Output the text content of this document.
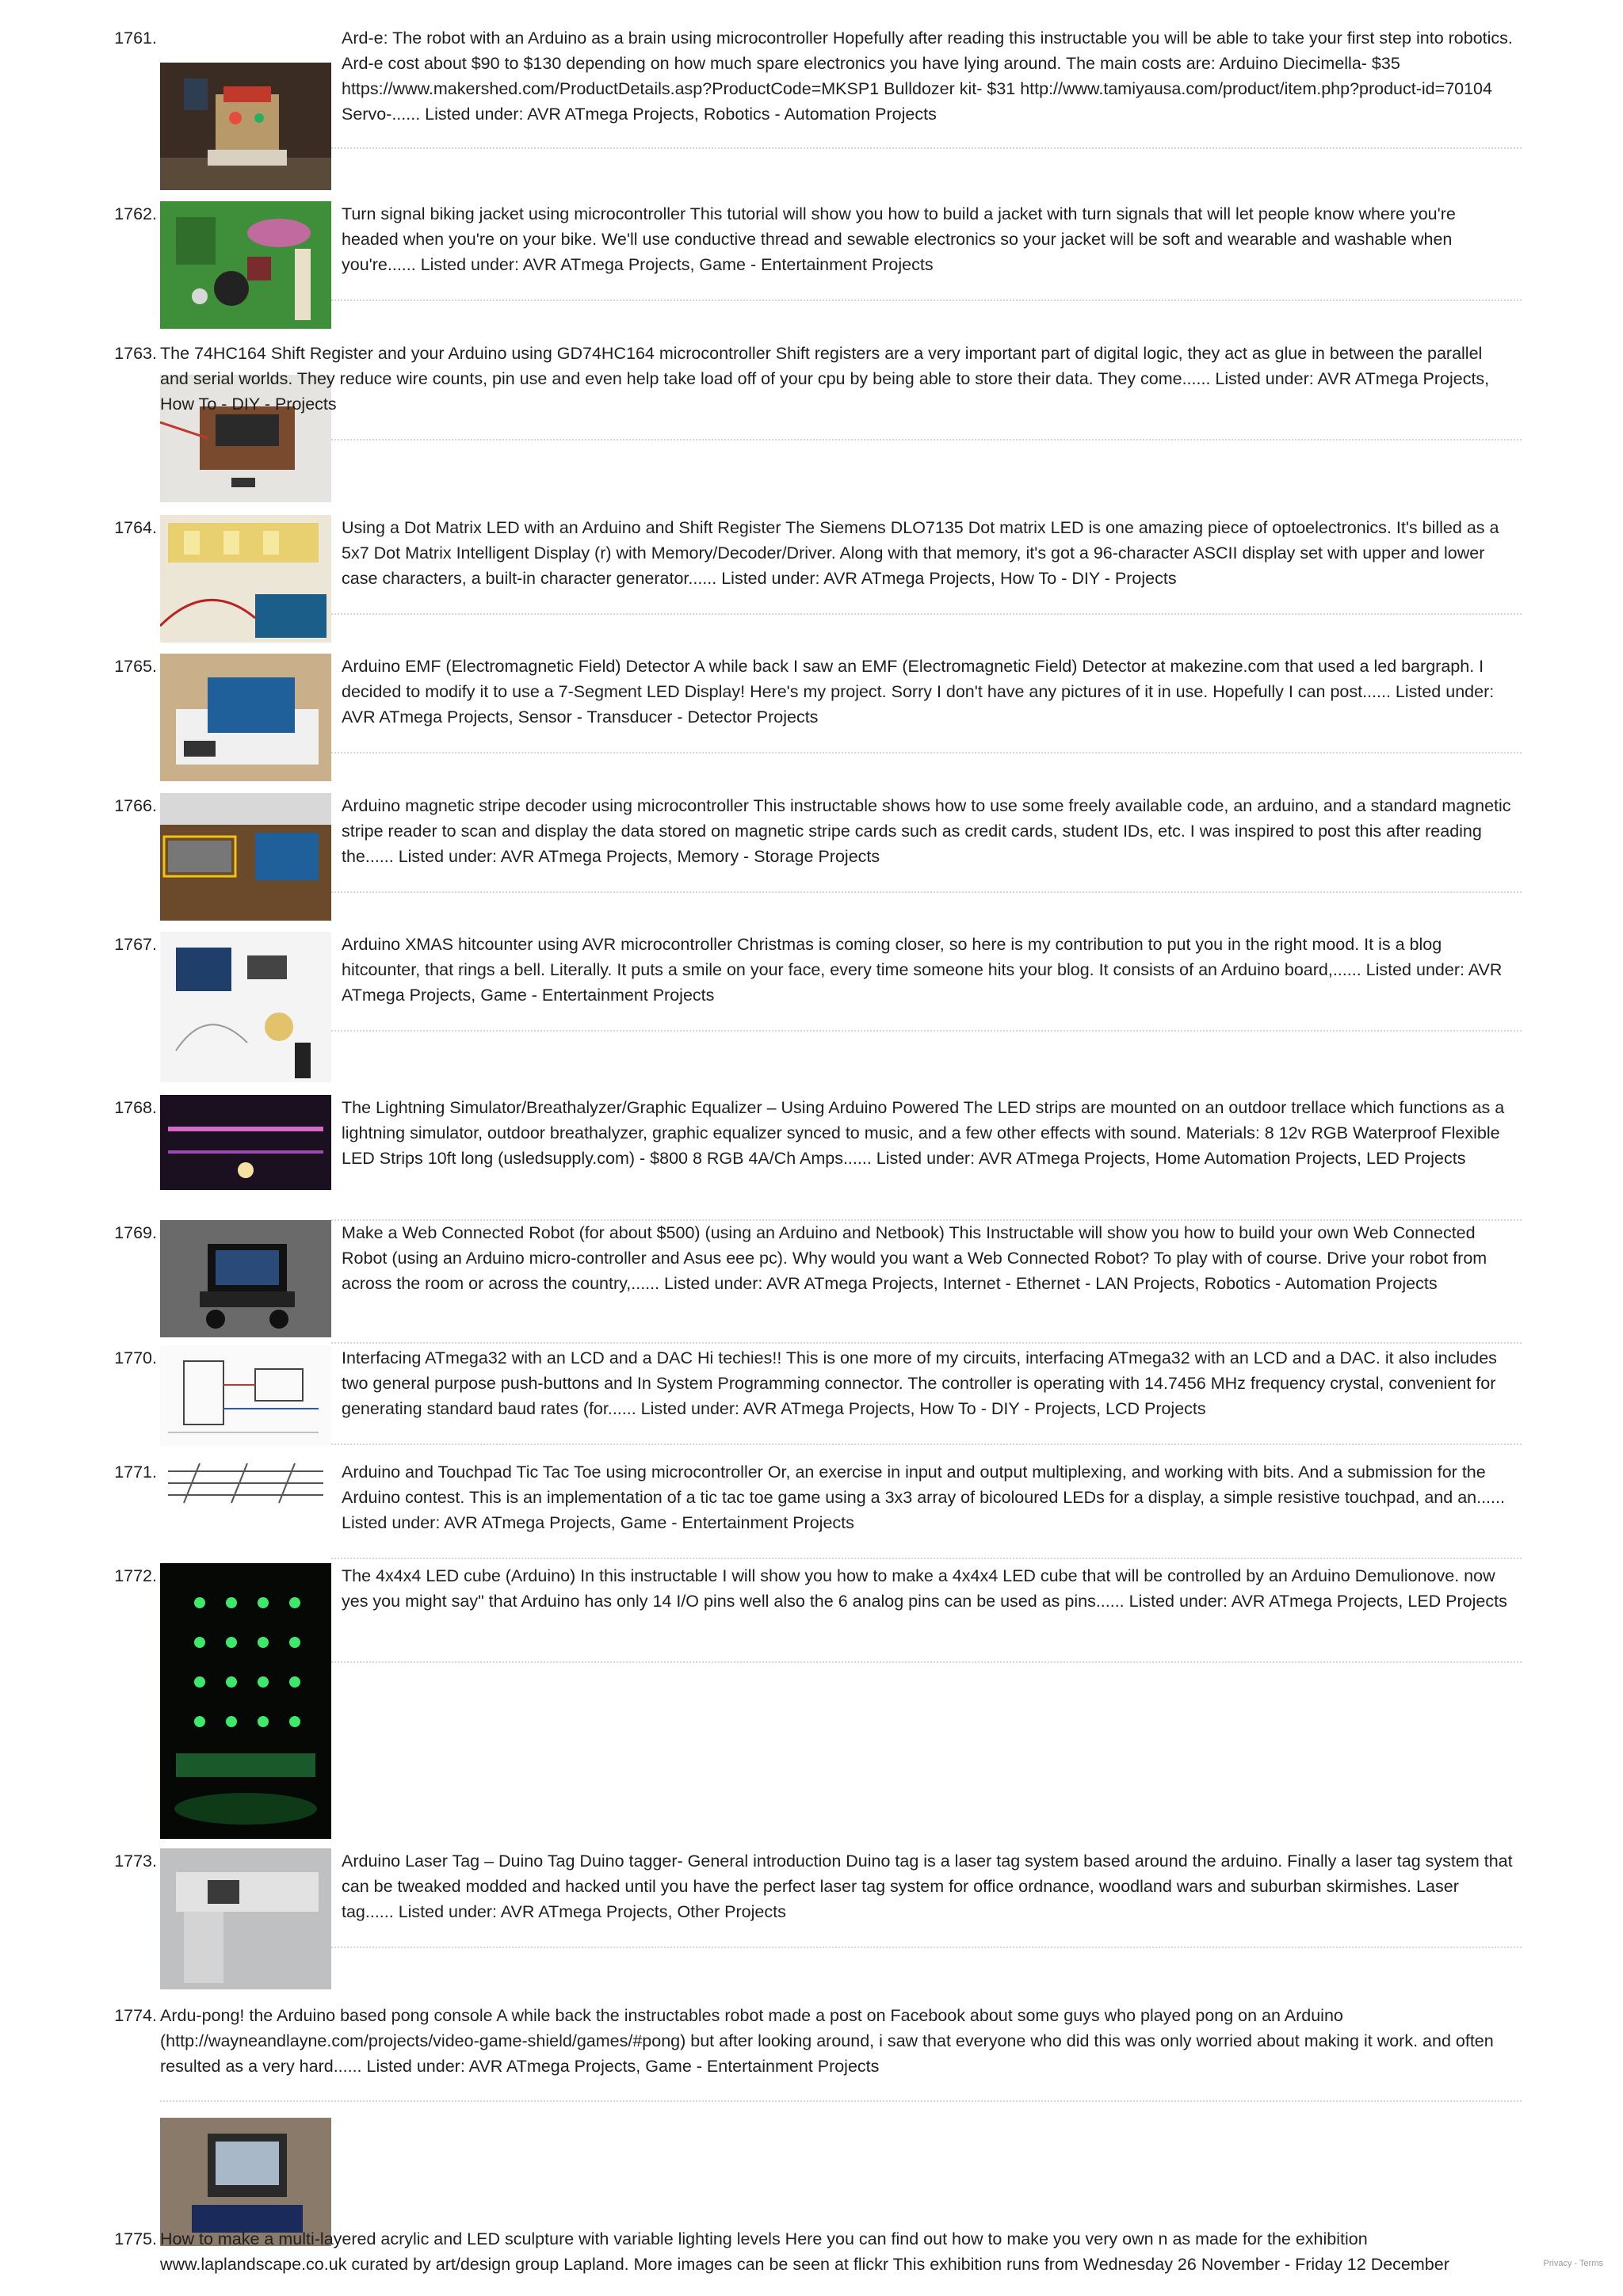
1761.	Ard-e: The robot with an Arduino as a brain using microcontroller Hopefully after reading this instructable you will be able to take your first step into robotics. Ard-e cost about $90 to $130 depending on how much spare electronics you have lying around. The main costs are: Arduino Diecimella- $35 https://www.makershed.com/ProductDetails.asp?ProductCode=MKSP1 Bulldozer kit- $31 http://www.tamiyausa.com/product/item.php?product-id=70104 Servo-...... Listed under: AVR ATmega Projects, Robotics - Automation Projects
1762.	Turn signal biking jacket using microcontroller This tutorial will show you how to build a jacket with turn signals that will let people know where you're headed when you're on your bike. We'll use conductive thread and sewable electronics so your jacket will be soft and wearable and washable when you're...... Listed under: AVR ATmega Projects, Game - Entertainment Projects
1763. The 74HC164 Shift Register and your Arduino using GD74HC164 microcontroller Shift registers are a very important part of digital logic, they act as glue in between the parallel and serial worlds. They reduce wire counts, pin use and even help take load off of your cpu by being able to store their data. They come...... Listed under: AVR ATmega Projects, How To - DIY - Projects
1764.	Using a Dot Matrix LED with an Arduino and Shift Register The Siemens DLO7135 Dot matrix LED is one amazing piece of optoelectronics. It's billed as a 5x7 Dot Matrix Intelligent Display (r) with Memory/Decoder/Driver. Along with that memory, it's got a 96-character ASCII display set with upper and lower case characters, a built-in character generator...... Listed under: AVR ATmega Projects, How To - DIY - Projects
1765.	Arduino EMF (Electromagnetic Field) Detector A while back I saw an EMF (Electromagnetic Field) Detector at makezine.com that used a led bargraph. I decided to modify it to use a 7-Segment LED Display! Here's my project. Sorry I don't have any pictures of it in use. Hopefully I can post...... Listed under: AVR ATmega Projects, Sensor - Transducer - Detector Projects
1766.	Arduino magnetic stripe decoder using microcontroller This instructable shows how to use some freely available code, an arduino, and a standard magnetic stripe reader to scan and display the data stored on magnetic stripe cards such as credit cards, student IDs, etc. I was inspired to post this after reading the...... Listed under: AVR ATmega Projects, Memory - Storage Projects
1767.	Arduino XMAS hitcounter using AVR microcontroller Christmas is coming closer, so here is my contribution to put you in the right mood. It is a blog hitcounter, that rings a bell. Literally. It puts a smile on your face, every time someone hits your blog. It consists of an Arduino board,...... Listed under: AVR ATmega Projects, Game - Entertainment Projects
1768.	The Lightning Simulator/Breathalyzer/Graphic Equalizer – Using Arduino Powered The LED strips are mounted on an outdoor trellace which functions as a lightning simulator, outdoor breathalyzer, graphic equalizer synced to music, and a few other effects with sound. Materials: 8 12v RGB Waterproof Flexible LED Strips 10ft long (usledsupply.com) - $800 8 RGB 4A/Ch Amps...... Listed under: AVR ATmega Projects, Home Automation Projects, LED Projects
1769.	Make a Web Connected Robot (for about $500) (using an Arduino and Netbook) This Instructable will show you how to build your own Web Connected Robot (using an Arduino micro-controller and Asus eee pc). Why would you want a Web Connected Robot? To play with of course. Drive your robot from across the room or across the country,...... Listed under: AVR ATmega Projects, Internet - Ethernet - LAN Projects, Robotics - Automation Projects
1770.	Interfacing ATmega32 with an LCD and a DAC Hi techies!! This is one more of my circuits, interfacing ATmega32 with an LCD and a DAC. it also includes two general purpose push-buttons and In System Programming connector. The controller is operating with 14.7456 MHz frequency crystal, convenient for generating standard baud rates (for...... Listed under: AVR ATmega Projects, How To - DIY - Projects, LCD Projects
1771.	Arduino and Touchpad Tic Tac Toe using microcontroller Or, an exercise in input and output multiplexing, and working with bits. And a submission for the Arduino contest. This is an implementation of a tic tac toe game using a 3x3 array of bicoloured LEDs for a display, a simple resistive touchpad, and an...... Listed under: AVR ATmega Projects, Game - Entertainment Projects
1772.	The 4x4x4 LED cube (Arduino) In this instructable I will show you how to make a 4x4x4 LED cube that will be controlled by an Arduino Demulionove. now yes you might say" that Arduino has only 14 I/O pins well also the 6 analog pins can be used as pins...... Listed under: AVR ATmega Projects, LED Projects
1773.	Arduino Laser Tag – Duino Tag Duino tagger- General introduction Duino tag is a laser tag system based around the arduino. Finally a laser tag system that can be tweaked modded and hacked until you have the perfect laser tag system for office ordnance, woodland wars and suburban skirmishes. Laser tag...... Listed under: AVR ATmega Projects, Other Projects
1774. Ardu-pong! the Arduino based pong console A while back the instructables robot made a post on Facebook about some guys who played pong on an Arduino (http://wayneandlayne.com/projects/video-game-shield/games/#pong) but after looking around, i saw that everyone who did this was only worried about making it work. and often resulted as a very hard...... Listed under: AVR ATmega Projects, Game - Entertainment Projects
1775. How to make a multi-layered acrylic and LED sculpture with variable lighting levels Here you can find out how to make you very own n as made for the exhibition www.laplandscape.co.uk curated by art/design group Lapland. More images can be seen at flickr This exhibition runs from Wednesday 26 November - Friday 12 December	Privacy - Terms
